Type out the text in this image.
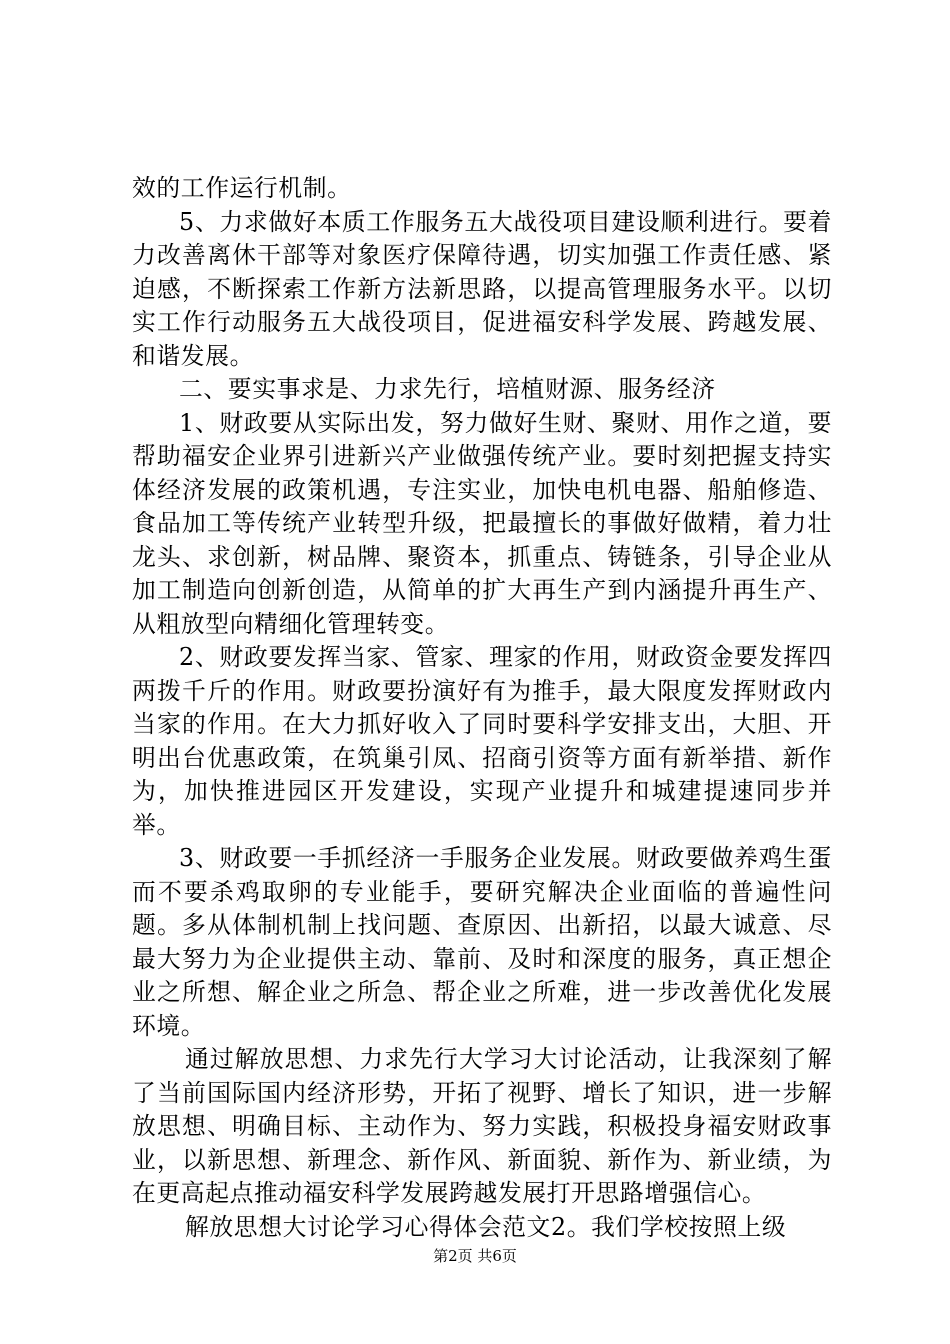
效的工作运行机制。

5、力求做好本质工作服务五大战役项目建设顺利进行。要着力改善离休干部等对象医疗保障待遇，切实加强工作责任感、紧迫感，不断探索工作新方法新思路，以提高管理服务水平。以切实工作行动服务五大战役项目，促进福安科学发展、跨越发展、和谐发展。

二、要实事求是、力求先行，培植财源、服务经济

1、财政要从实际出发，努力做好生财、聚财、用作之道，要帮助福安企业界引进新兴产业做强传统产业。要时刻把握支持实体经济发展的政策机遇，专注实业，加快电机电器、船舶修造、食品加工等传统产业转型升级，把最擅长的事做好做精，着力壮龙头、求创新，树品牌、聚资本，抓重点、铸链条，引导企业从加工制造向创新创造，从简单的扩大再生产到内涵提升再生产、从粗放型向精细化管理转变。

2、财政要发挥当家、管家、理家的作用，财政资金要发挥四两拨千斤的作用。财政要扮演好有为推手，最大限度发挥财政内当家的作用。在大力抓好收入了同时要科学安排支出，大胆、开明出台优惠政策，在筑巢引凤、招商引资等方面有新举措、新作为，加快推进园区开发建设，实现产业提升和城建提速同步并举。

3、财政要一手抓经济一手服务企业发展。财政要做养鸡生蛋而不要杀鸡取卵的专业能手，要研究解决企业面临的普遍性问题。多从体制机制上找问题、查原因、出新招，以最大诚意、尽最大努力为企业提供主动、靠前、及时和深度的服务，真正想企业之所想、解企业之所急、帮企业之所难，进一步改善优化发展环境。

通过解放思想、力求先行大学习大讨论活动，让我深刻了解了当前国际国内经济形势，开拓了视野、增长了知识，进一步解放思想、明确目标、主动作为、努力实践，积极投身福安财政事业，以新思想、新理念、新作风、新面貌、新作为、新业绩，为在更高起点推动福安科学发展跨越发展打开思路增强信心。

解放思想大讨论学习心得体会范文2。我们学校按照上级

第2页 共6页
